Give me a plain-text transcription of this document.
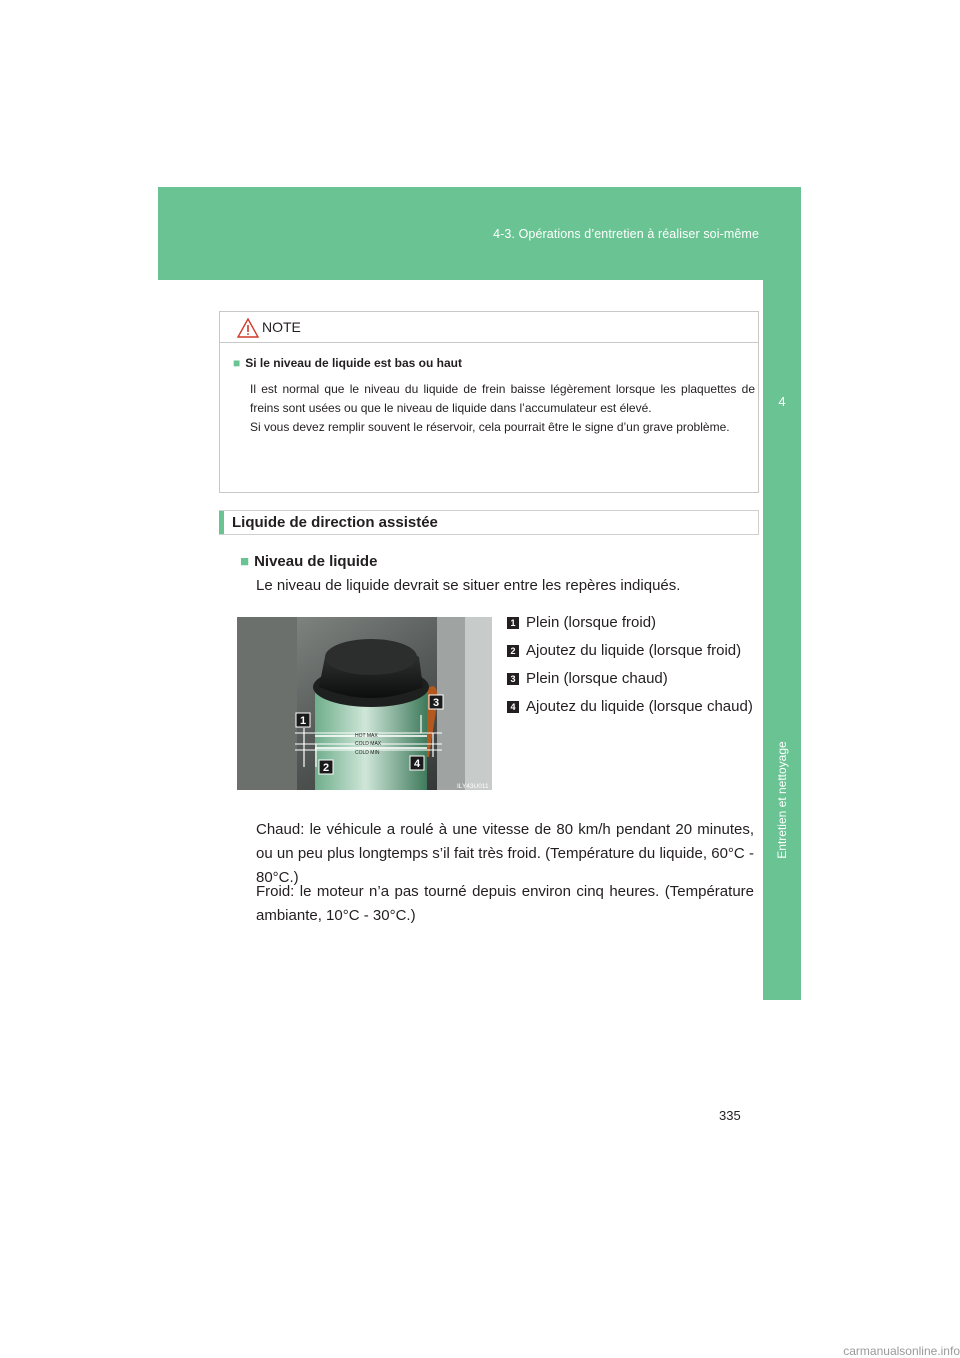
4-3. Opérations d’entretien à réaliser soi-même
4
Entretien et nettoyage
NOTE
■ Si le niveau de liquide est bas ou haut

Il est normal que le niveau du liquide de frein baisse légèrement lorsque les plaquettes de freins sont usées ou que le niveau de liquide dans l’accumulateur est élevé.

Si vous devez remplir souvent le réservoir, cela pourrait être le signe d’un grave problème.

Liquide de direction assistée
■ Niveau de liquide
Le niveau de liquide devrait se situer entre les repères indiqués.
1
2
3
4
HOT MAX
COLD MAX
COLD MIN
ILY43U011
1 Plein (lorsque froid)
2 Ajoutez du liquide (lorsque froid)
3 Plein (lorsque chaud)
4 Ajoutez du liquide (lorsque chaud)
Chaud: le véhicule a roulé à une vitesse de 80 km/h pendant 20 minutes, ou un peu plus longtemps s’il fait très froid. (Température du liquide, 60°C - 80°C.)
Froid: le moteur n’a pas tourné depuis environ cinq heures. (Température ambiante, 10°C - 30°C.)
335
carmanualsonline.info
